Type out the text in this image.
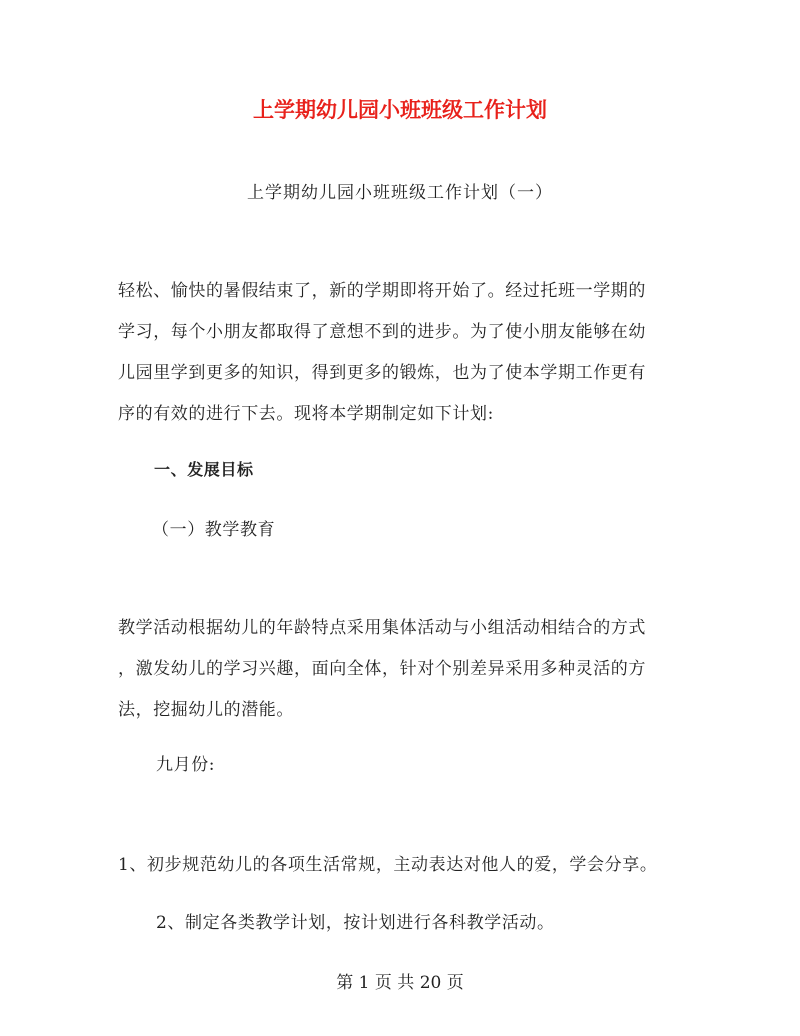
上学期幼儿园小班班级工作计划
上学期幼儿园小班班级工作计划（一）
轻松、愉快的暑假结束了，新的学期即将开始了。经过托班一学期的
学习，每个小朋友都取得了意想不到的进步。为了使小朋友能够在幼
儿园里学到更多的知识，得到更多的锻炼，也为了使本学期工作更有
序的有效的进行下去。现将本学期制定如下计划:
一、发展目标
（一）教学教育
教学活动根据幼儿的年龄特点采用集体活动与小组活动相结合的方式
，激发幼儿的学习兴趣，面向全体，针对个别差异采用多种灵活的方
法，挖掘幼儿的潜能。
九月份:
1、初步规范幼儿的各项生活常规，主动表达对他人的爱，学会分享。
2、制定各类教学计划，按计划进行各科教学活动。
第 1 页 共 20 页
